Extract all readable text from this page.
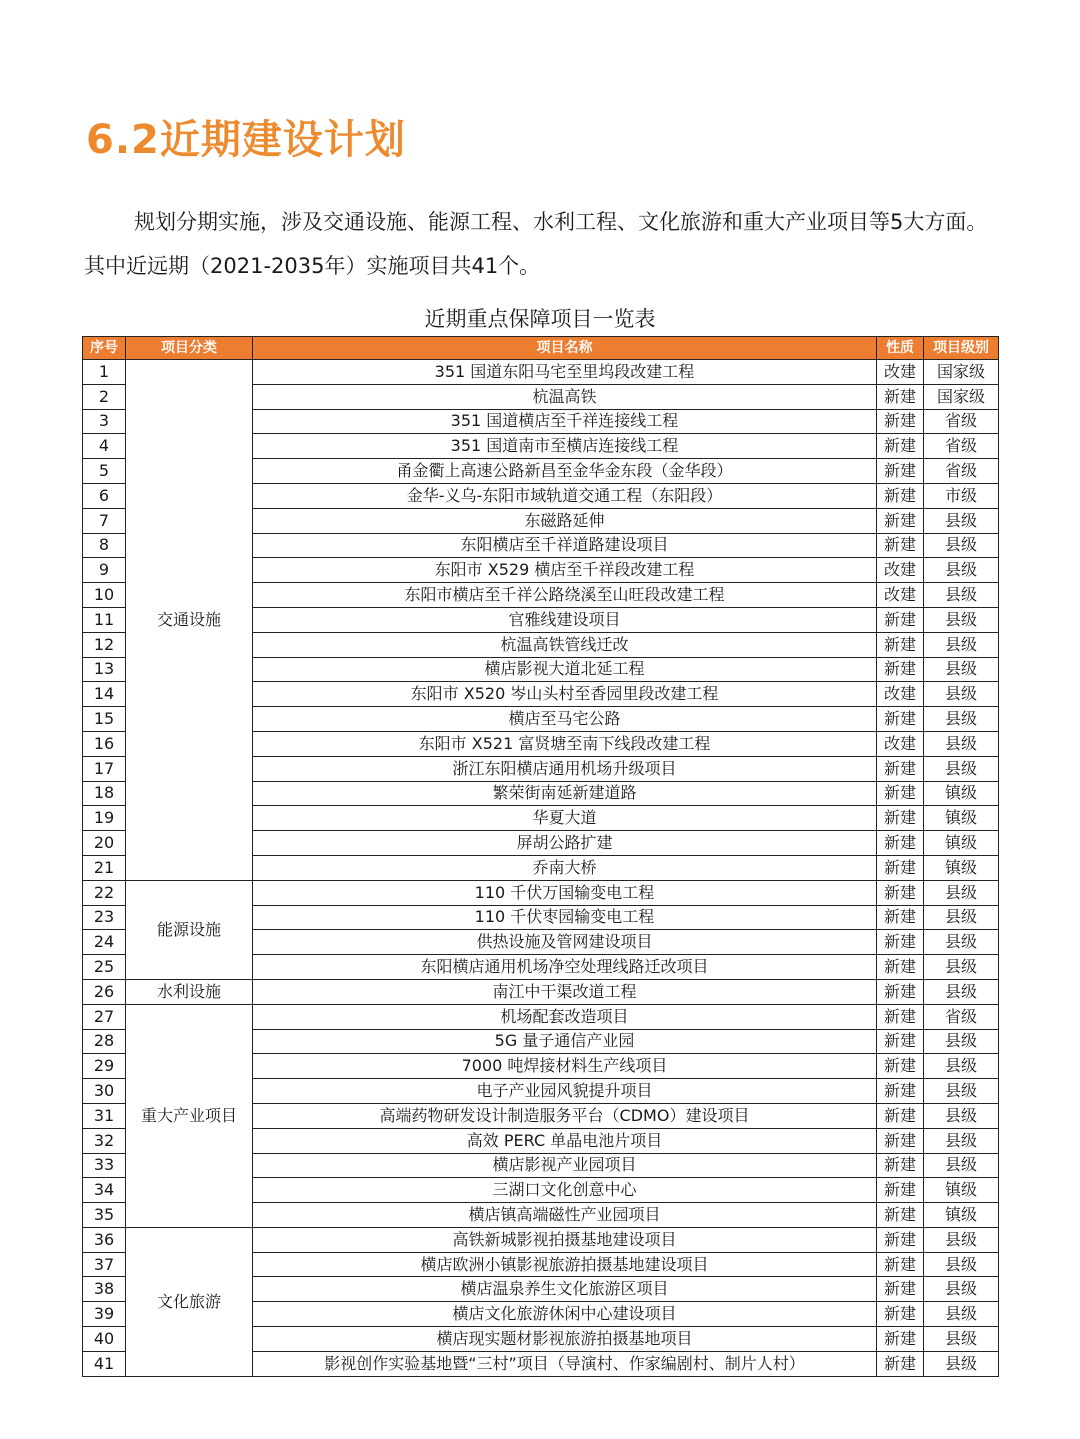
6.2近期建设计划

规划分期实施，涉及交通设施、能源工程、水利工程、文化旅游和重大产业项目等5大方面。其中近远期（2021-2035年）实施项目共41个。

近期重点保障项目一览表
序号	项目分类	项目名称	性质	项目级别
1	交通设施	351 国道东阳马宅至里坞段改建工程	改建	国家级
2		杭温高铁	新建	国家级
3		351 国道横店至千祥连接线工程	新建	省级
4		351 国道南市至横店连接线工程	新建	省级
5		甬金衢上高速公路新昌至金华金东段（金华段）	新建	省级
6		金华-义乌-东阳市域轨道交通工程（东阳段）	新建	市级
7		东磁路延伸	新建	县级
8		东阳横店至千祥道路建设项目	新建	县级
9		东阳市 X529 横店至千祥段改建工程	改建	县级
10		东阳市横店至千祥公路绕溪至山旺段改建工程	改建	县级
11		官雅线建设项目	新建	县级
12		杭温高铁管线迁改	新建	县级
13		横店影视大道北延工程	新建	县级
14		东阳市 X520 岑山头村至香园里段改建工程	改建	县级
15		横店至马宅公路	新建	县级
16		东阳市 X521 富贤塘至南下线段改建工程	改建	县级
17		浙江东阳横店通用机场升级项目	新建	县级
18		繁荣街南延新建道路	新建	镇级
19		华夏大道	新建	镇级
20		屏胡公路扩建	新建	镇级
21		乔南大桥	新建	镇级
22	能源设施	110 千伏万国输变电工程	新建	县级
23		110 千伏枣园输变电工程	新建	县级
24		供热设施及管网建设项目	新建	县级
25		东阳横店通用机场净空处理线路迁改项目	新建	县级
26	水利设施	南江中干渠改道工程	新建	县级
27	重大产业项目	机场配套改造项目	新建	省级
28		5G 量子通信产业园	新建	县级
29		7000 吨焊接材料生产线项目	新建	县级
30		电子产业园风貌提升项目	新建	县级
31		高端药物研发设计制造服务平台（CDMO）建设项目	新建	县级
32		高效 PERC 单晶电池片项目	新建	县级
33		横店影视产业园项目	新建	县级
34		三湖口文化创意中心	新建	镇级
35		横店镇高端磁性产业园项目	新建	镇级
36	文化旅游	高铁新城影视拍摄基地建设项目	新建	县级
37		横店欧洲小镇影视旅游拍摄基地建设项目	新建	县级
38		横店温泉养生文化旅游区项目	新建	县级
39		横店文化旅游休闲中心建设项目	新建	县级
40		横店现实题材影视旅游拍摄基地项目	新建	县级
41		影视创作实验基地暨“三村”项目（导演村、作家编剧村、制片人村）	新建	县级
